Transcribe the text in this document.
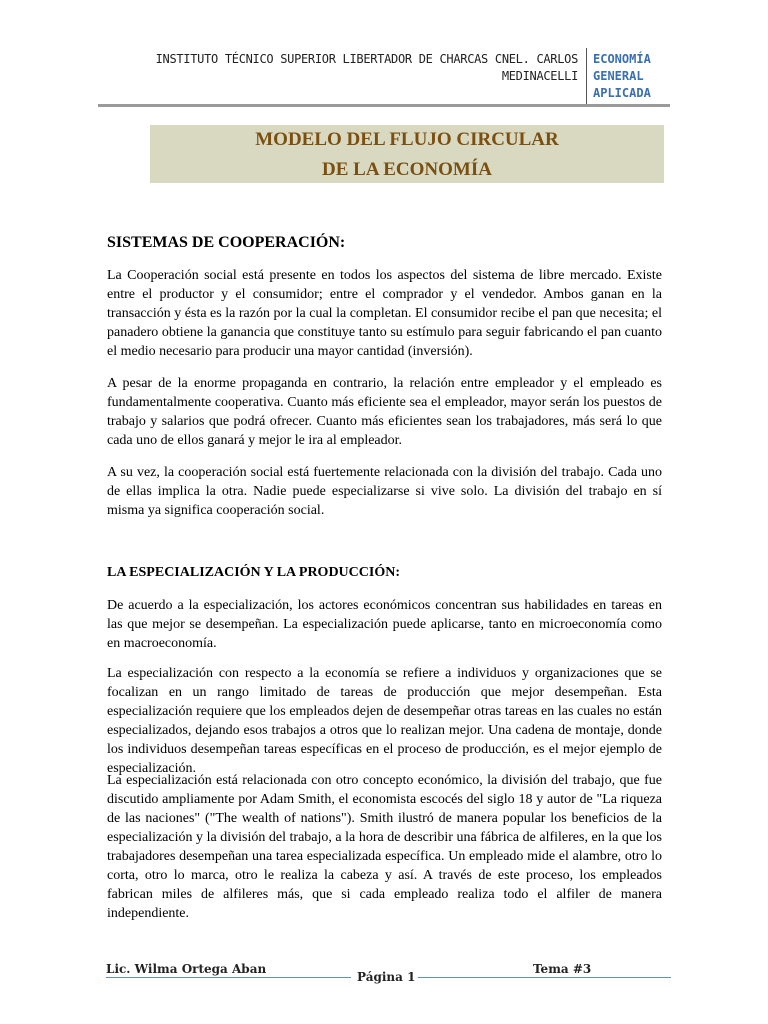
INSTITUTO TÉCNICO SUPERIOR LIBERTADOR DE CHARCAS CNEL. CARLOS
MEDINACELLI
ECONOMÍA
GENERAL
APLICADA
MODELO DEL FLUJO CIRCULAR
DE LA ECONOMÍA
SISTEMAS DE COOPERACIÓN:
La Cooperación social está presente en todos los aspectos del sistema de libre mercado. Existe entre el productor y el consumidor; entre el comprador y el vendedor. Ambos ganan en la transacción y ésta es la razón por la cual la completan. El consumidor recibe el pan que necesita; el panadero obtiene la ganancia que constituye tanto su estímulo para seguir fabricando el pan cuanto el medio necesario para producir una mayor cantidad (inversión).
A pesar de la enorme propaganda en contrario, la relación entre empleador y el empleado es fundamentalmente cooperativa. Cuanto más eficiente sea el empleador, mayor serán los puestos de trabajo y salarios que podrá ofrecer. Cuanto más eficientes sean los trabajadores, más será lo que cada uno de ellos ganará y mejor le ira al empleador.
A su vez, la cooperación social está fuertemente relacionada con la división del trabajo. Cada uno de ellas implica la otra. Nadie puede especializarse si vive solo. La división del trabajo en sí misma ya significa cooperación social.
LA ESPECIALIZACIÓN Y LA PRODUCCIÓN:
De acuerdo a la especialización, los actores económicos concentran sus habilidades en tareas en las que mejor se desempeñan. La especialización puede aplicarse, tanto en microeconomía como en macroeconomía.
La especialización con respecto a la economía se refiere a individuos y organizaciones que se focalizan en un rango limitado de tareas de producción que mejor desempeñan. Esta especialización requiere que los empleados dejen de desempeñar otras tareas en las cuales no están especializados, dejando esos trabajos a otros que lo realizan mejor. Una cadena de montaje, donde los individuos desempeñan tareas específicas en el proceso de producción, es el mejor ejemplo de especialización.
La especialización está relacionada con otro concepto económico, la división del trabajo, que fue discutido ampliamente por Adam Smith, el economista escocés del siglo 18 y autor de "La riqueza de las naciones" ("The wealth of nations"). Smith ilustró de manera popular los beneficios de la especialización y la división del trabajo, a la hora de describir una fábrica de alfileres, en la que los trabajadores desempeñan una tarea especializada específica. Un empleado mide el alambre, otro lo corta, otro lo marca, otro le realiza la cabeza y así. A través de este proceso, los empleados fabrican miles de alfileres más, que si cada empleado realiza todo el alfiler de manera independiente.
Lic. Wilma Ortega Aban
Página 1
Tema #3
